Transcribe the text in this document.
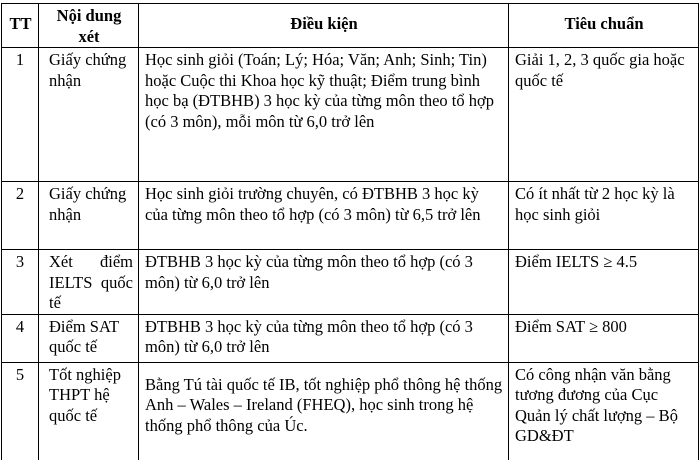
TT	Nội dung xét	Điều kiện	Tiêu chuẩn
1	Giấy chứng nhận	Học sinh giỏi (Toán; Lý; Hóa; Văn; Anh; Sinh; Tin) hoặc Cuộc thi Khoa học kỹ thuật; Điểm trung bình học bạ (ĐTBHB) 3 học kỳ của từng môn theo tổ hợp (có 3 môn), mỗi môn từ 6,0 trở lên	Giải 1, 2, 3 quốc gia hoặc quốc tế
2	Giấy chứng nhận	Học sinh giỏi trường chuyên, có ĐTBHB 3 học kỳ của từng môn theo tổ hợp (có 3 môn) từ 6,5 trở lên	Có ít nhất từ 2 học kỳ là học sinh giỏi
3	Xét điểm IELTS quốc tế	ĐTBHB 3 học kỳ của từng môn theo tổ hợp (có 3 môn) từ 6,0 trở lên	Điểm IELTS ≥ 4.5
4	Điểm SAT quốc tế	ĐTBHB 3 học kỳ của từng môn theo tổ hợp (có 3 môn) từ 6,0 trở lên	Điểm SAT ≥ 800
5	Tốt nghiệp THPT hệ quốc tế	Bằng Tú tài quốc tế IB, tốt nghiệp phổ thông hệ thống Anh – Wales – Ireland (FHEQ), học sinh trong hệ thống phổ thông của Úc.	Có công nhận văn bằng tương đương của Cục Quản lý chất lượng – Bộ GD&ĐT
